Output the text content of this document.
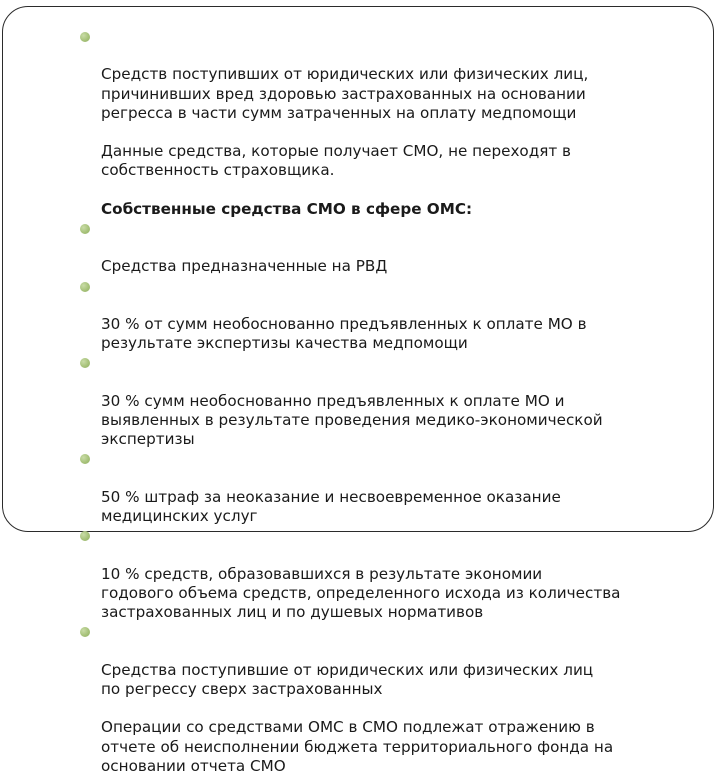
Средств поступивших от юридических или физических лиц,
причинивших вред здоровью застрахованных на основании
регресса в части сумм затраченных на оплату медпомощи

Данные средства, которые получает СМО, не переходят в
собственность страховщика.

Собственные средства СМО в сфере ОМС:

Средства предназначенные на РВД

30 % от сумм необоснованно предъявленных к оплате МО в
результате экспертизы качества медпомощи

30 % сумм необоснованно предъявленных к оплате МО и
выявленных в результате проведения медико-экономической
экспертизы

50 % штраф за неоказание и несвоевременное оказание
медицинских услуг

10 % средств, образовавшихся в результате экономии
годового объема средств, определенного исхода из количества
застрахованных лиц и по душевых нормативов

Средства поступившие от юридических или физических лиц
по регрессу сверх застрахованных

Операции со средствами ОМС в СМО подлежат отражению в
отчете об неисполнении бюджета территориального фонда на
основании отчета СМО
